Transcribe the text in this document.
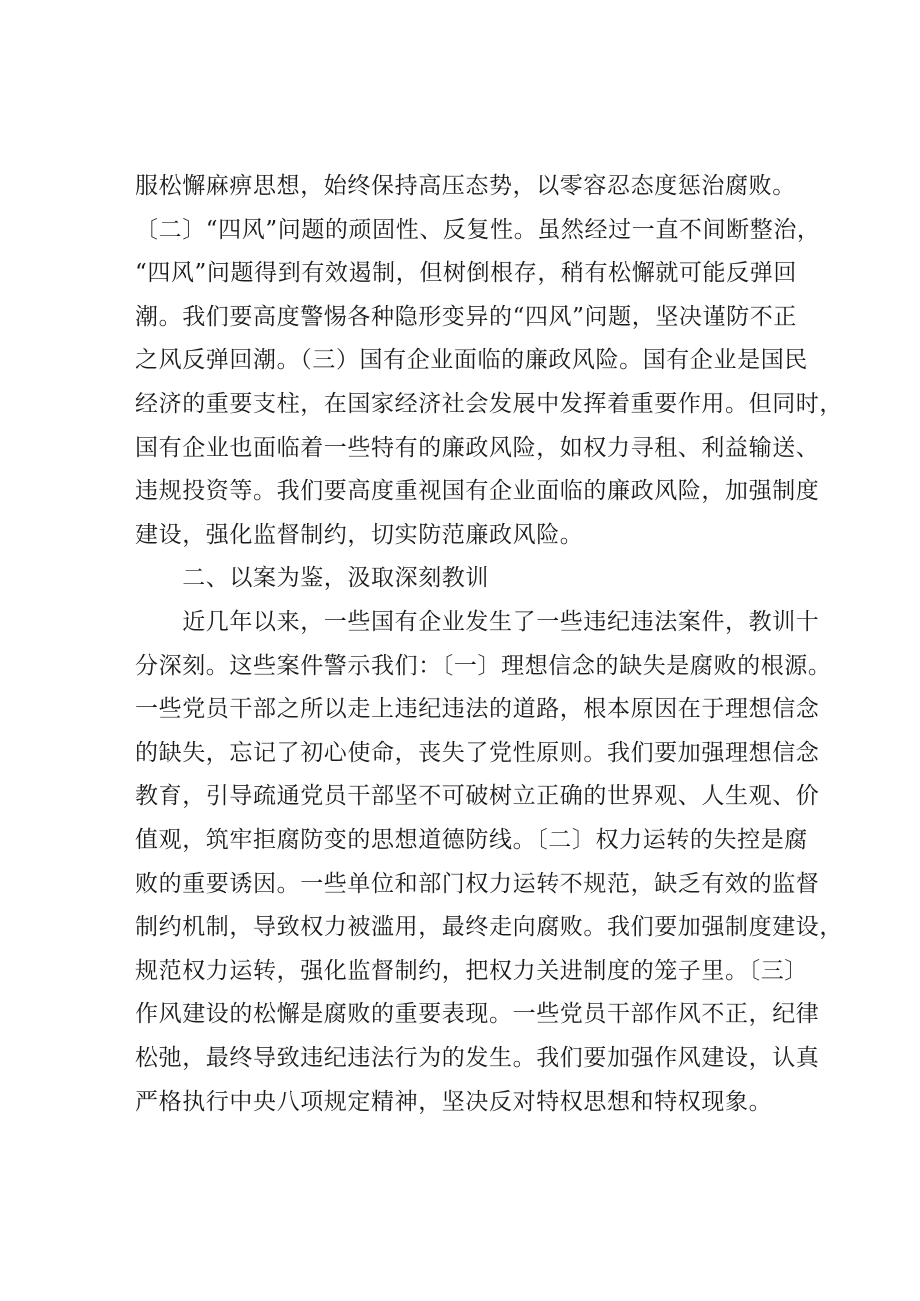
服松懈麻痹思想，始终保持高压态势，以零容忍态度惩治腐败。
〔二〕“四风”问题的顽固性、反复性。虽然经过一直不间断整治，
“四风”问题得到有效遏制，但树倒根存，稍有松懈就可能反弹回
潮。我们要高度警惕各种隐形变异的“四风”问题，坚决谨防不正
之风反弹回潮。（三）国有企业面临的廉政风险。国有企业是国民
经济的重要支柱，在国家经济社会发展中发挥着重要作用。但同时，
国有企业也面临着一些特有的廉政风险，如权力寻租、利益输送、
违规投资等。我们要高度重视国有企业面临的廉政风险，加强制度
建设，强化监督制约，切实防范廉政风险。
　　二、以案为鉴，汲取深刻教训
　　近几年以来，一些国有企业发生了一些违纪违法案件，教训十
分深刻。这些案件警示我们：〔一〕理想信念的缺失是腐败的根源。
一些党员干部之所以走上违纪违法的道路，根本原因在于理想信念
的缺失，忘记了初心使命，丧失了党性原则。我们要加强理想信念
教育，引导疏通党员干部坚不可破树立正确的世界观、人生观、价
值观，筑牢拒腐防变的思想道德防线。〔二〕权力运转的失控是腐
败的重要诱因。一些单位和部门权力运转不规范，缺乏有效的监督
制约机制，导致权力被滥用，最终走向腐败。我们要加强制度建设，
规范权力运转，强化监督制约，把权力关进制度的笼子里。〔三〕
作风建设的松懈是腐败的重要表现。一些党员干部作风不正，纪律
松弛，最终导致违纪违法行为的发生。我们要加强作风建设，认真
严格执行中央八项规定精神，坚决反对特权思想和特权现象。
